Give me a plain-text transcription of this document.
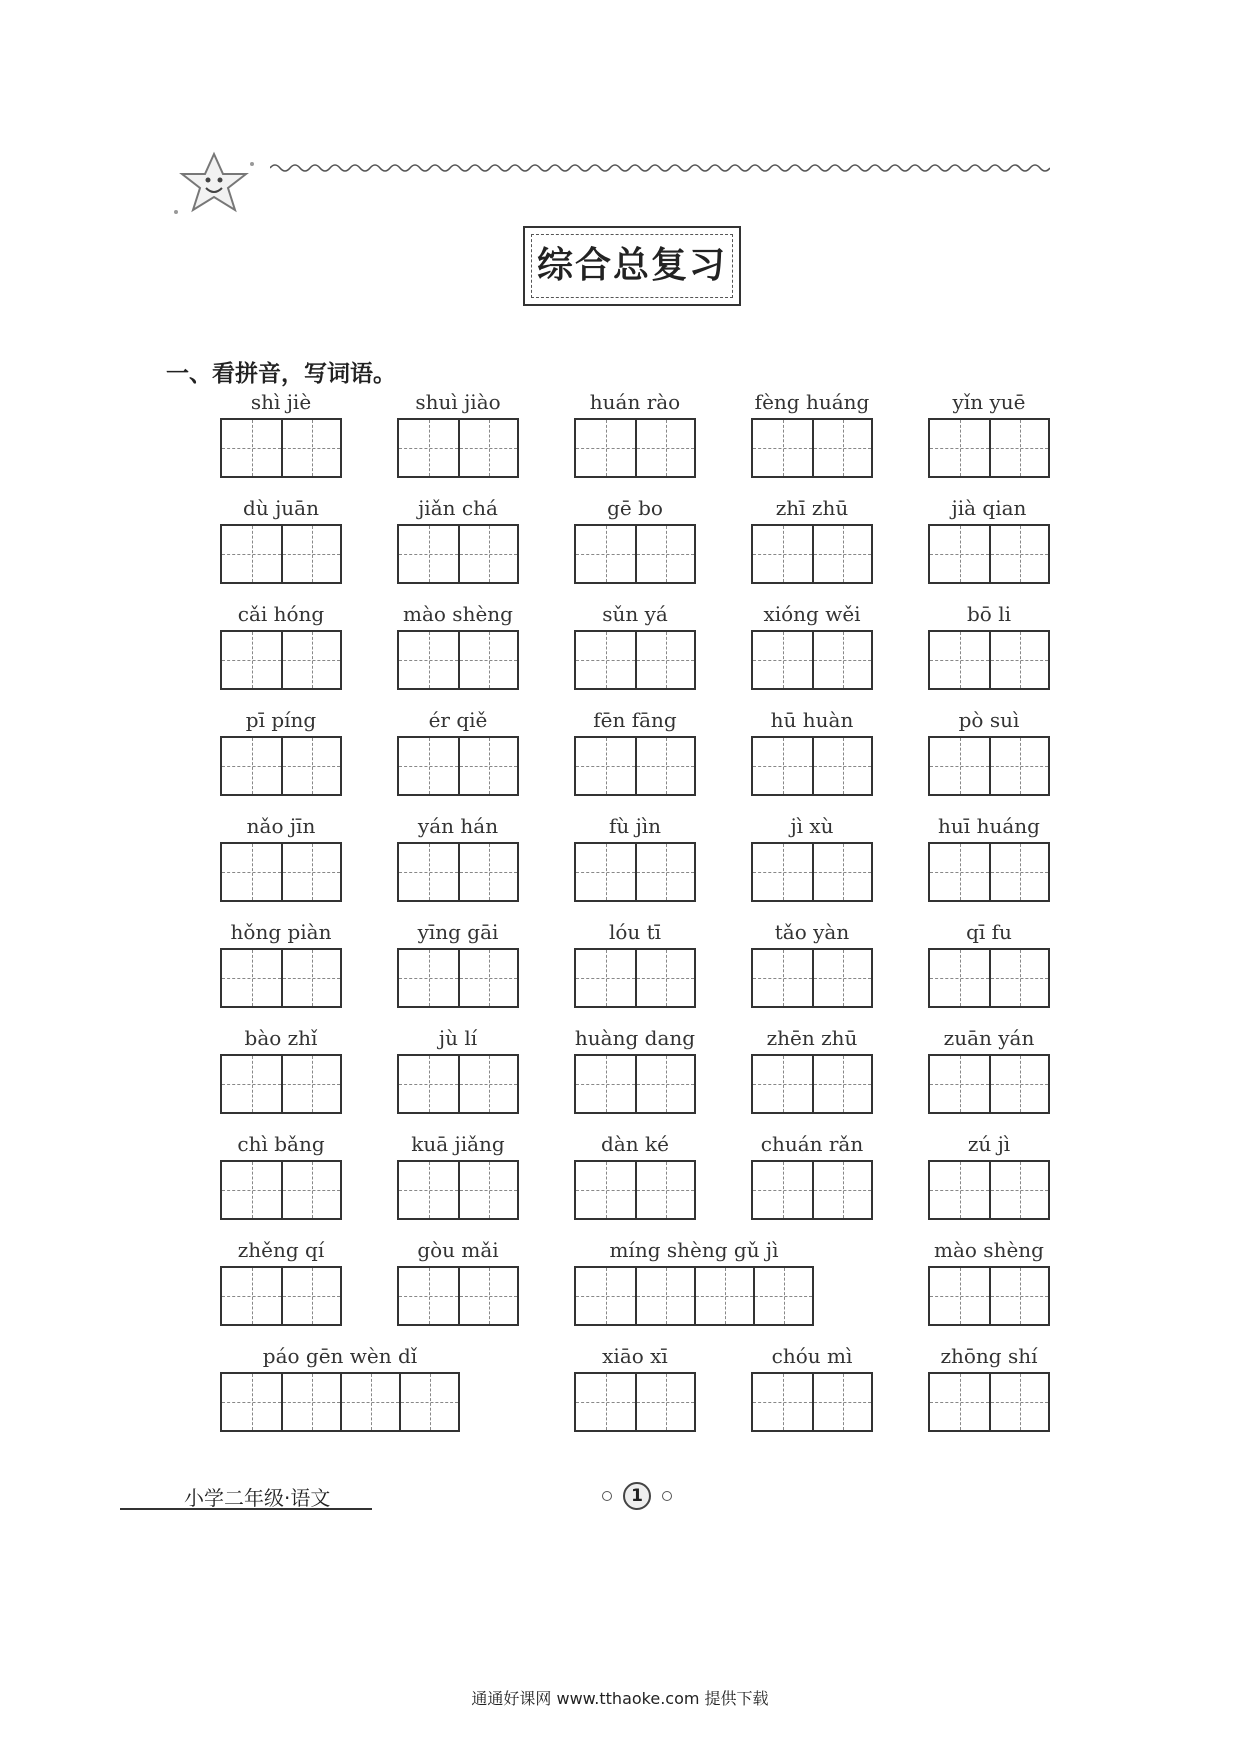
综合总复习
一、看拼音，写词语。
shì jiè	shuì jiào	huán rào	fèng huáng	yǐn yuē
dù juān	jiǎn chá	gē bo	zhī zhū	jià qian
cǎi hóng	mào shèng	sǔn yá	xióng wěi	bō li
pī píng	ér qiě	fēn fāng	hū huàn	pò suì
nǎo jīn	yán hán	fù jìn	jì xù	huī huáng
hǒng piàn	yīng gāi	lóu tī	tǎo yàn	qī fu
bào zhǐ	jù lí	huàng dang	zhēn zhū	zuān yán
chì bǎng	kuā jiǎng	dàn ké	chuán rǎn	zú jì
zhěng qí	gòu mǎi	míng shèng gǔ jì	mào shèng
páo gēn wèn dǐ	xiāo xī	chóu mì	zhōng shí
小学二年级·语文	1
通通好课网 www.tthaoke.com 提供下载
